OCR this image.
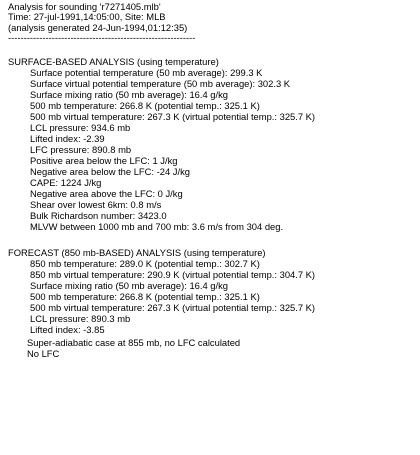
Analysis for sounding 'r7271405.mlb'
Time: 27-jul-1991,14:05:00, Site: MLB
(analysis generated 24-Jun-1994,01:12:35)
------------------------------------------------------------
SURFACE-BASED ANALYSIS (using temperature)
Surface potential temperature (50 mb average): 299.3 K
Surface virtual potential temperature (50 mb average): 302.3 K
Surface mixing ratio (50 mb average): 16.4 g/kg
500 mb temperature: 266.8 K (potential temp.: 325.1 K)
500 mb virtual temperature: 267.3 K (virtual potential temp.: 325.7 K)
LCL pressure: 934.6 mb
Lifted index: -2.39
LFC pressure: 890.8 mb
Positive area below the LFC: 1 J/kg
Negative area below the LFC: -24 J/kg
CAPE: 1224 J/kg
Negative area above the LFC: 0 J/kg
Shear over lowest 6km: 0.8 m/s
Bulk Richardson number: 3423.0
MLVW between 1000 mb and 700 mb: 3.6 m/s from 304 deg.
FORECAST (850 mb-BASED) ANALYSIS (using temperature)
850 mb temperature: 289.0 K (potential temp.: 302.7 K)
850 mb virtual temperature: 290.9 K (virtual potential temp.: 304.7 K)
Surface mixing ratio (50 mb average): 16.4 g/kg
500 mb temperature: 266.8 K (potential temp.: 325.1 K)
500 mb virtual temperature: 267.3 K (virtual potential temp.: 325.7 K)
LCL pressure: 890.3 mb
Lifted index: -3.85
Super-adiabatic case at 855 mb, no LFC calculated
No LFC
